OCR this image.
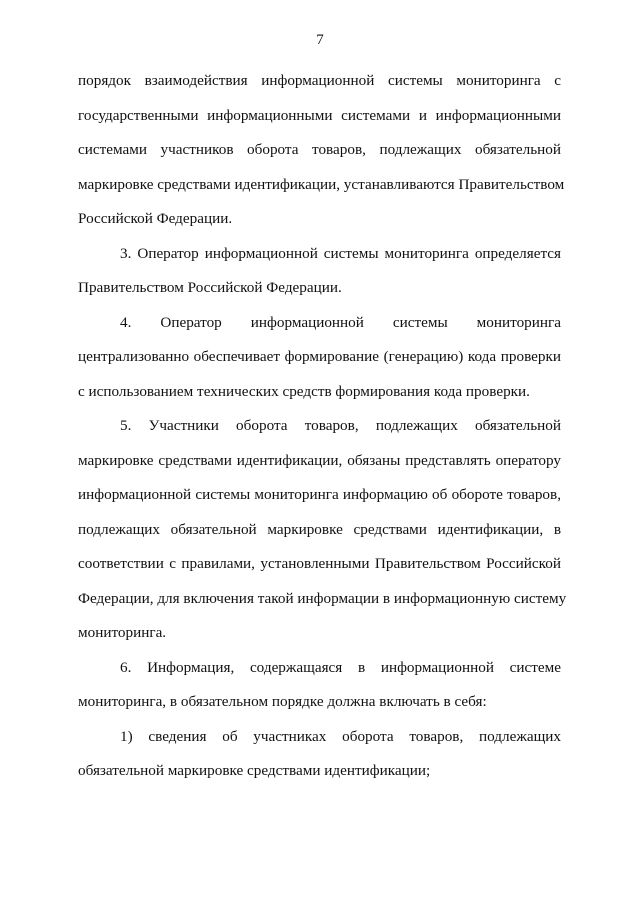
7
порядок взаимодействия информационной системы мониторинга с
государственными информационными системами и информационными
системами участников оборота товаров, подлежащих обязательной
маркировке средствами идентификации, устанавливаются Правительством
Российской Федерации.
3. Оператор информационной системы мониторинга определяется
Правительством Российской Федерации.
4. Оператор информационной системы мониторинга
централизованно обеспечивает формирование (генерацию) кода проверки
с использованием технических средств формирования кода проверки.
5. Участники оборота товаров, подлежащих обязательной
маркировке средствами идентификации, обязаны представлять оператору
информационной системы мониторинга информацию об обороте товаров,
подлежащих обязательной маркировке средствами идентификации, в
соответствии с правилами, установленными Правительством Российской
Федерации, для включения такой информации в информационную систему
мониторинга.
6. Информация, содержащаяся в информационной системе
мониторинга, в обязательном порядке должна включать в себя:
1) сведения об участниках оборота товаров, подлежащих
обязательной маркировке средствами идентификации;
